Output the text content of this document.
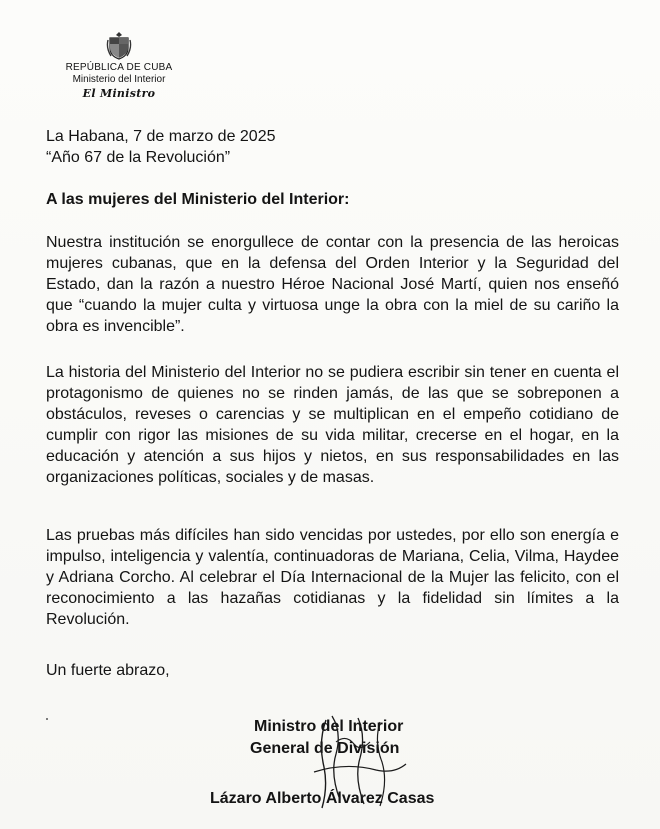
REPÚBLICA DE CUBA
Ministerio del Interior
El Ministro
La Habana, 7 de marzo de 2025
“Año 67 de la Revolución”
A las mujeres del Ministerio del Interior:
Nuestra institución se enorgullece de contar con la presencia de las heroicas mujeres cubanas, que en la defensa del Orden Interior y la Seguridad del Estado, dan la razón a nuestro Héroe Nacional José Martí, quien nos enseñó que “cuando la mujer culta y virtuosa unge la obra con la miel de su cariño la obra es invencible”.
La historia del Ministerio del Interior no se pudiera escribir sin tener en cuenta el protagonismo de quienes no se rinden jamás, de las que se sobreponen a obstáculos, reveses o carencias y se multiplican en el empeño cotidiano de cumplir con rigor las misiones de su vida militar, crecerse en el hogar, en la educación y atención a sus hijos y nietos, en sus responsabilidades en las organizaciones políticas, sociales y de masas.
Las pruebas más difíciles han sido vencidas por ustedes, por ello son energía e impulso, inteligencia y valentía, continuadoras de Mariana, Celia, Vilma, Haydee y Adriana Corcho. Al celebrar el Día Internacional de la Mujer las felicito, con el reconocimiento a las hazañas cotidianas y la fidelidad sin límites a la Revolución.
Un fuerte abrazo,
Ministro del Interior
General de División
Lázaro Alberto Álvarez Casas
